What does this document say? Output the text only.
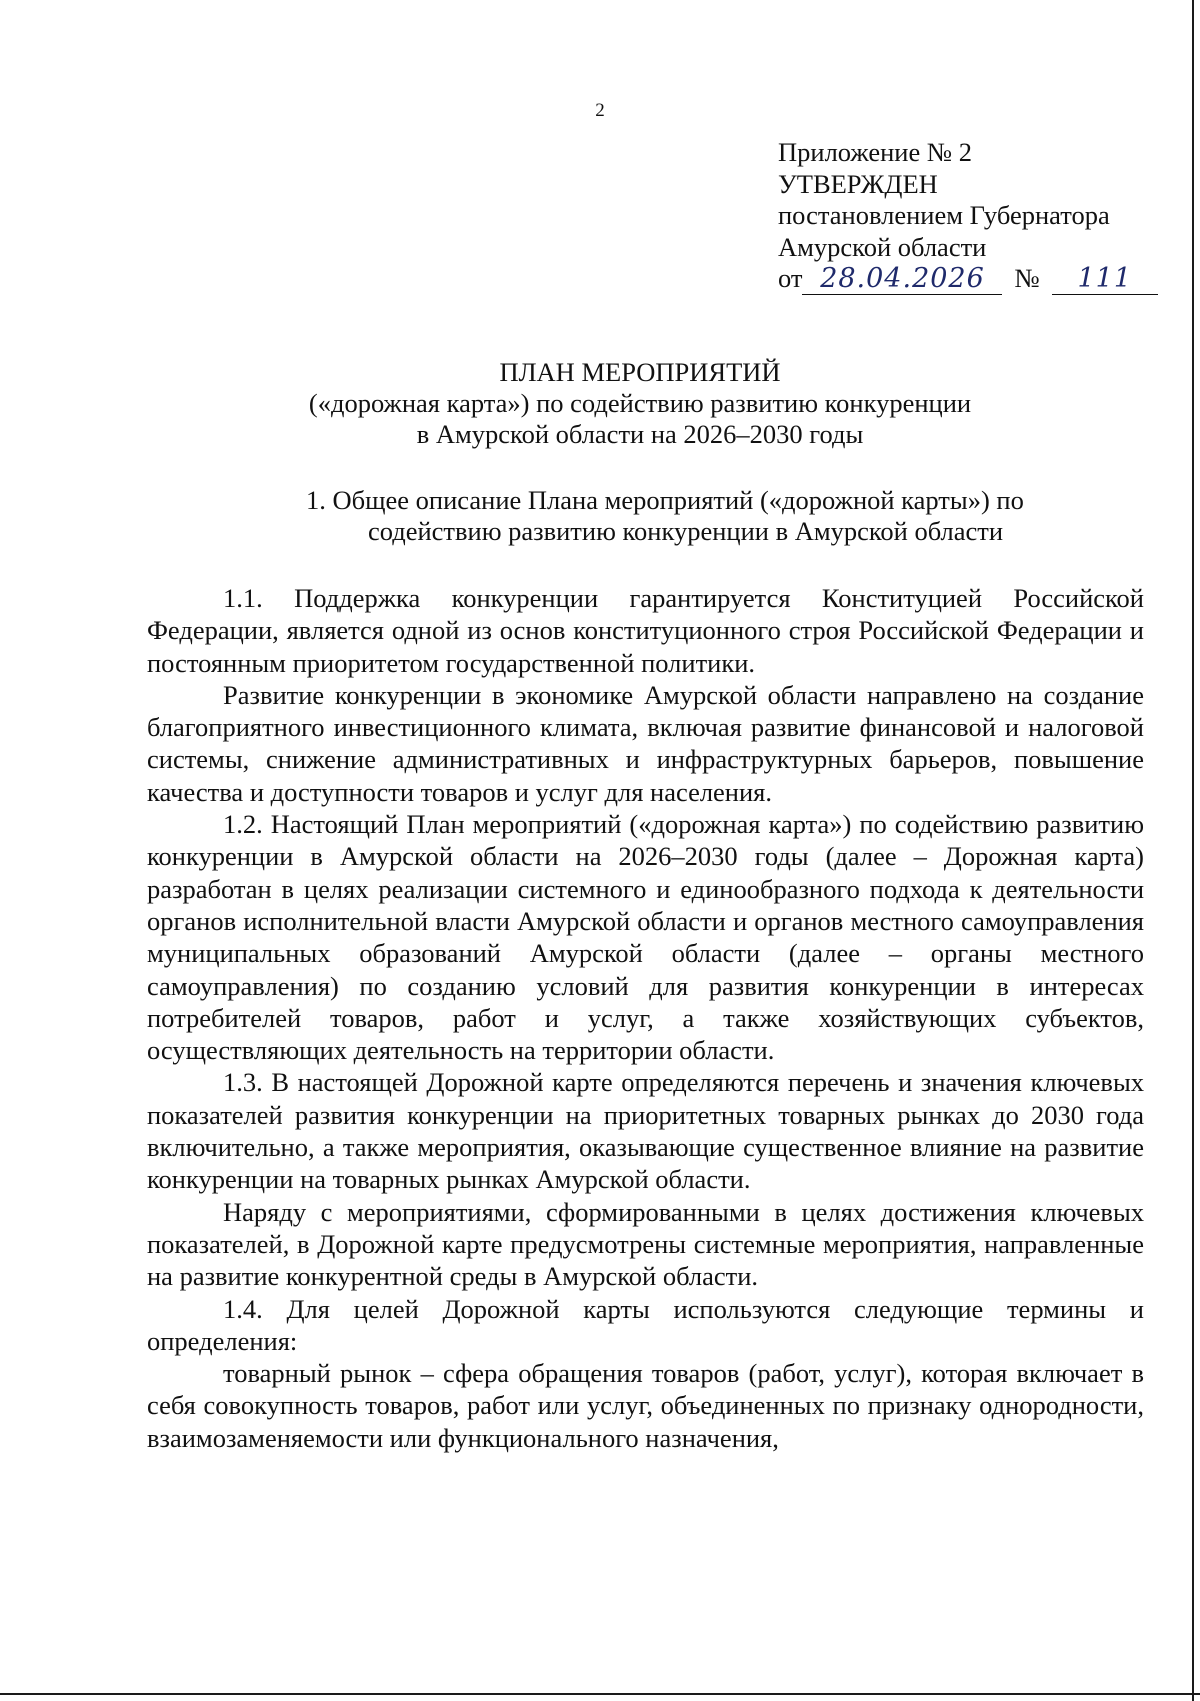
2
Приложение № 2
УТВЕРЖДЕН
постановлением Губернатора
Амурской области
от 28.04.2026	№	111
ПЛАН МЕРОПРИЯТИЙ
(«дорожная карта») по содействию развитию конкуренции
в Амурской области на 2026–2030 годы
1. Общее описание Плана мероприятий («дорожной карты») по
содействию развитию конкуренции в Амурской области

1.1. Поддержка конкуренции гарантируется Конституцией Российской Федерации, является одной из основ конституционного строя Российской Федерации и постоянным приоритетом государственной политики.

Развитие конкуренции в экономике Амурской области направлено на создание благоприятного инвестиционного климата, включая развитие финансовой и налоговой системы, снижение административных и инфраструктурных барьеров, повышение качества и доступности товаров и услуг для населения.

1.2. Настоящий План мероприятий («дорожная карта») по содействию развитию конкуренции в Амурской области на 2026–2030 годы (далее – Дорожная карта) разработан в целях реализации системного и единообразного подхода к деятельности органов исполнительной власти Амурской области и органов местного самоуправления муниципальных образований Амурской области (далее – органы местного самоуправления) по созданию условий для развития конкуренции в интересах потребителей товаров, работ и услуг, а также хозяйствующих субъектов, осуществляющих деятельность на территории области.

1.3. В настоящей Дорожной карте определяются перечень и значения ключевых показателей развития конкуренции на приоритетных товарных рынках до 2030 года включительно, а также мероприятия, оказывающие существенное влияние на развитие конкуренции на товарных рынках Амурской области.

Наряду с мероприятиями, сформированными в целях достижения ключевых показателей, в Дорожной карте предусмотрены системные мероприятия, направленные на развитие конкурентной среды в Амурской области.

1.4. Для целей Дорожной карты используются следующие термины и определения:

товарный рынок – сфера обращения товаров (работ, услуг), которая включает в себя совокупность товаров, работ или услуг, объединенных по признаку однородности, взаимозаменяемости или функционального назначения,
